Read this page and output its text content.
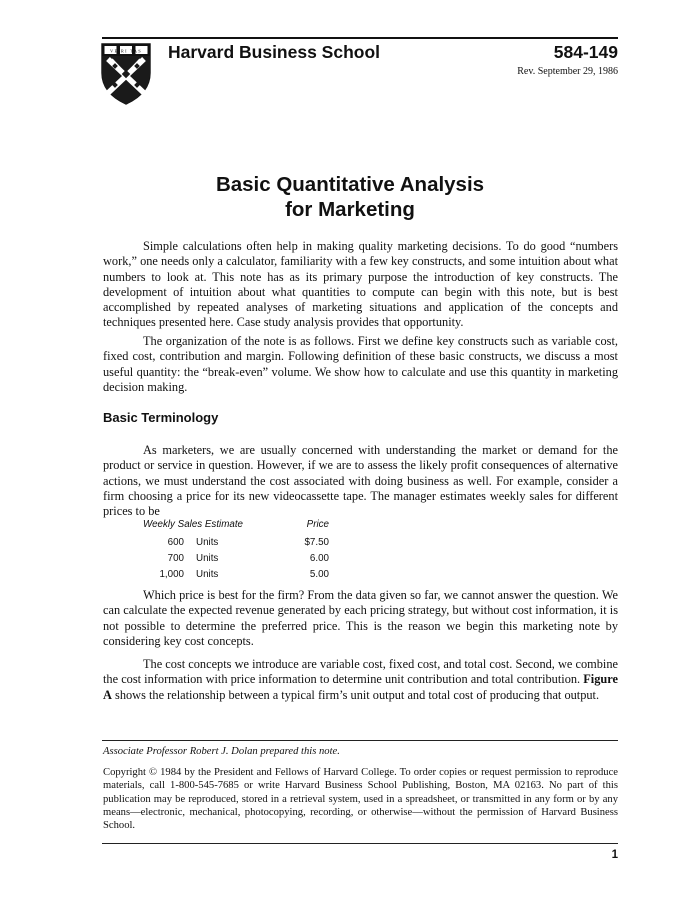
VE RI TAS Harvard Business School	584-149
Rev. September 29, 1986
Basic Quantitative Analysis
for Marketing

Simple calculations often help in making quality marketing decisions. To do good “numbers work,” one needs only a calculator, familiarity with a few key constructs, and some intuition about what numbers to look at. This note has as its primary purpose the introduction of key constructs. The development of intuition about what quantities to compute can begin with this note, but is best accomplished by repeated analyses of marketing situations and application of the concepts and techniques presented here. Case study analysis provides that opportunity.

The organization of the note is as follows. First we define key constructs such as variable cost, fixed cost, contribution and margin. Following definition of these basic constructs, we discuss a most useful quantity: the “break-even” volume. We show how to calculate and use this quantity in marketing decision making.

Basic Terminology

As marketers, we are usually concerned with understanding the market or demand for the product or service in question. However, if we are to assess the likely profit consequences of alternative actions, we must understand the cost associated with doing business as well. For example, consider a firm choosing a price for its new videocassette tape. The manager estimates weekly sales for different prices to be

Weekly Sales Estimate	Price
600 Units	$7.50
700 Units	6.00
1,000 Units	5.00

Which price is best for the firm? From the data given so far, we cannot answer the question. We can calculate the expected revenue generated by each pricing strategy, but without cost information, it is not possible to determine the preferred price. This is the reason we begin this marketing note by considering key cost concepts.

The cost concepts we introduce are variable cost, fixed cost, and total cost. Second, we combine the cost information with price information to determine unit contribution and total contribution. Figure A shows the relationship between a typical firm’s unit output and total cost of producing that output.

Associate Professor Robert J. Dolan prepared this note.
Copyright © 1984 by the President and Fellows of Harvard College. To order copies or request permission to reproduce materials, call 1-800-545-7685 or write Harvard Business School Publishing, Boston, MA 02163. No part of this publication may be reproduced, stored in a retrieval system, used in a spreadsheet, or transmitted in any form or by any means—electronic, mechanical, photocopying, recording, or otherwise—without the permission of Harvard Business School.
1
